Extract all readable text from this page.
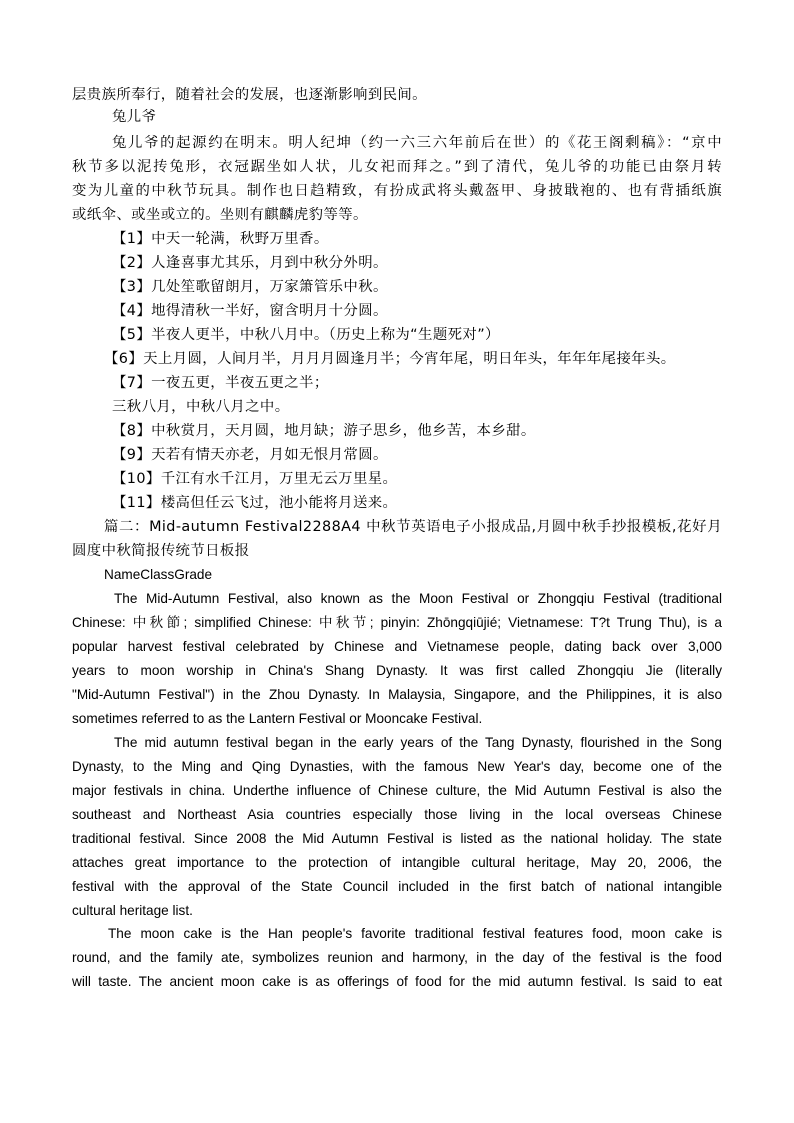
层贵族所奉行，随着社会的发展，也逐渐影响到民间。
兔儿爷
兔儿爷的起源约在明末。明人纪坤（约一六三六年前后在世）的《花王阁剩稿》：“京中
秋节多以泥抟兔形，衣冠踞坐如人状，儿女祀而拜之。”到了清代，兔儿爷的功能已由祭月转
变为儿童的中秋节玩具。制作也日趋精致，有扮成武将头戴盔甲、身披戢袍的、也有背插纸旗
或纸伞、或坐或立的。坐则有麒麟虎豹等等。
【1】中天一轮满，秋野万里香。
【2】人逢喜事尤其乐，月到中秋分外明。
【3】几处笙歌留朗月，万家箫管乐中秋。
【4】地得清秋一半好，窗含明月十分圆。
【5】半夜人更半，中秋八月中。（历史上称为“生题死对”）
【6】天上月圆，人间月半，月月月圆逢月半；今宵年尾，明日年头，年年年尾接年头。
【7】一夜五更，半夜五更之半；
三秋八月，中秋八月之中。
【8】中秋赏月，天月圆，地月缺；游子思乡，他乡苦，本乡甜。
【9】天若有情天亦老，月如无恨月常圆。
【10】千江有水千江月，万里无云万里星。
【11】楼高但任云飞过，池小能将月送来。
篇二：Mid-autumn Festival2288A4 中秋节英语电子小报成品,月圆中秋手抄报模板,花好月
圆度中秋简报传统节日板报
NameClassGrade
The Mid-Autumn Festival, also known as the Moon Festival or Zhongqiu Festival (traditional
Chinese: 中秋節; simplified Chinese: 中秋节; pinyin: Zhōngqiūjié; Vietnamese: T?t Trung Thu), is a
popular harvest festival celebrated by Chinese and Vietnamese people, dating back over 3,000
years to moon worship in China's Shang Dynasty. It was first called Zhongqiu Jie (literally
"Mid-Autumn Festival") in the Zhou Dynasty. In Malaysia, Singapore, and the Philippines, it is also
sometimes referred to as the Lantern Festival or Mooncake Festival.
The mid autumn festival began in the early years of the Tang Dynasty, flourished in the Song
Dynasty, to the Ming and Qing Dynasties, with the famous New Year's day, become one of the
major festivals in china. Underthe influence of Chinese culture, the Mid Autumn Festival is also the
southeast and Northeast Asia countries especially those living in the local overseas Chinese
traditional festival. Since 2008 the Mid Autumn Festival is listed as the national holiday. The state
attaches great importance to the protection of intangible cultural heritage, May 20, 2006, the
festival with the approval of the State Council included in the first batch of national intangible
cultural heritage list.
The moon cake is the Han people's favorite traditional festival features food, moon cake is
round, and the family ate, symbolizes reunion and harmony, in the day of the festival is the food
will taste. The ancient moon cake is as offerings of food for the mid autumn festival. Is said to eat
